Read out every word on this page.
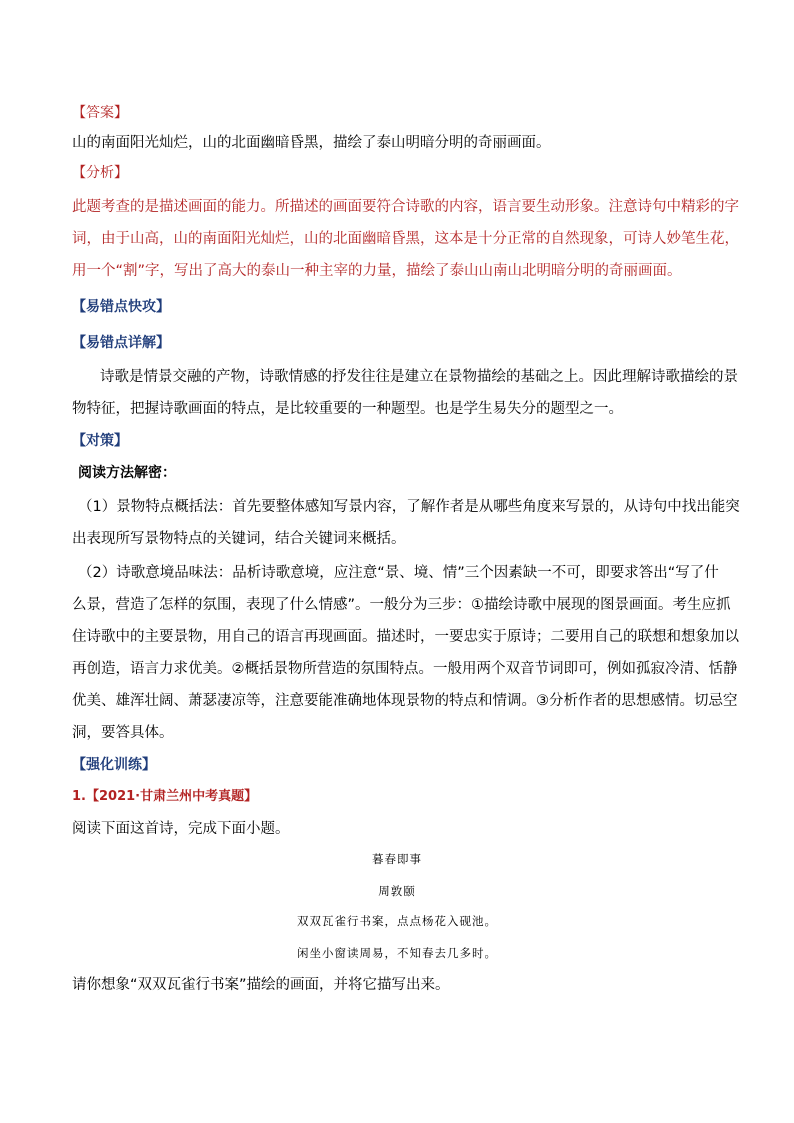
【答案】
山的南面阳光灿烂，山的北面幽暗昏黑，描绘了泰山明暗分明的奇丽画面。
【分析】
此题考查的是描述画面的能力。所描述的画面要符合诗歌的内容，语言要生动形象。注意诗句中精彩的字
词，由于山高，山的南面阳光灿烂，山的北面幽暗昏黑，这本是十分正常的自然现象，可诗人妙笔生花，
用一个“割”字，写出了高大的泰山一种主宰的力量，描绘了泰山山南山北明暗分明的奇丽画面。
【易错点快攻】
【易错点详解】
诗歌是情景交融的产物，诗歌情感的抒发往往是建立在景物描绘的基础之上。因此理解诗歌描绘的景
物特征，把握诗歌画面的特点，是比较重要的一种题型。也是学生易失分的题型之一。
【对策】
阅读方法解密：
（1）景物特点概括法：首先要整体感知写景内容，了解作者是从哪些角度来写景的，从诗句中找出能突
出表现所写景物特点的关键词，结合关键词来概括。
（2）诗歌意境品味法：品析诗歌意境，应注意“景、境、情”三个因素缺一不可，即要求答出“写了什
么景，营造了怎样的氛围，表现了什么情感”。一般分为三步：①描绘诗歌中展现的图景画面。考生应抓
住诗歌中的主要景物，用自己的语言再现画面。描述时，一要忠实于原诗；二要用自己的联想和想象加以
再创造，语言力求优美。②概括景物所营造的氛围特点。一般用两个双音节词即可，例如孤寂冷清、恬静
优美、雄浑壮阔、萧瑟凄凉等，注意要能准确地体现景物的特点和情调。③分析作者的思想感情。切忌空
洞，要答具体。
【强化训练】
1.【2021·甘肃兰州中考真题】
阅读下面这首诗，完成下面小题。
暮春即事
周敦颐
双双瓦雀行书案，点点杨花入砚池。
闲坐小窗读周易，不知春去几多时。
请你想象“双双瓦雀行书案”描绘的画面，并将它描写出来。
